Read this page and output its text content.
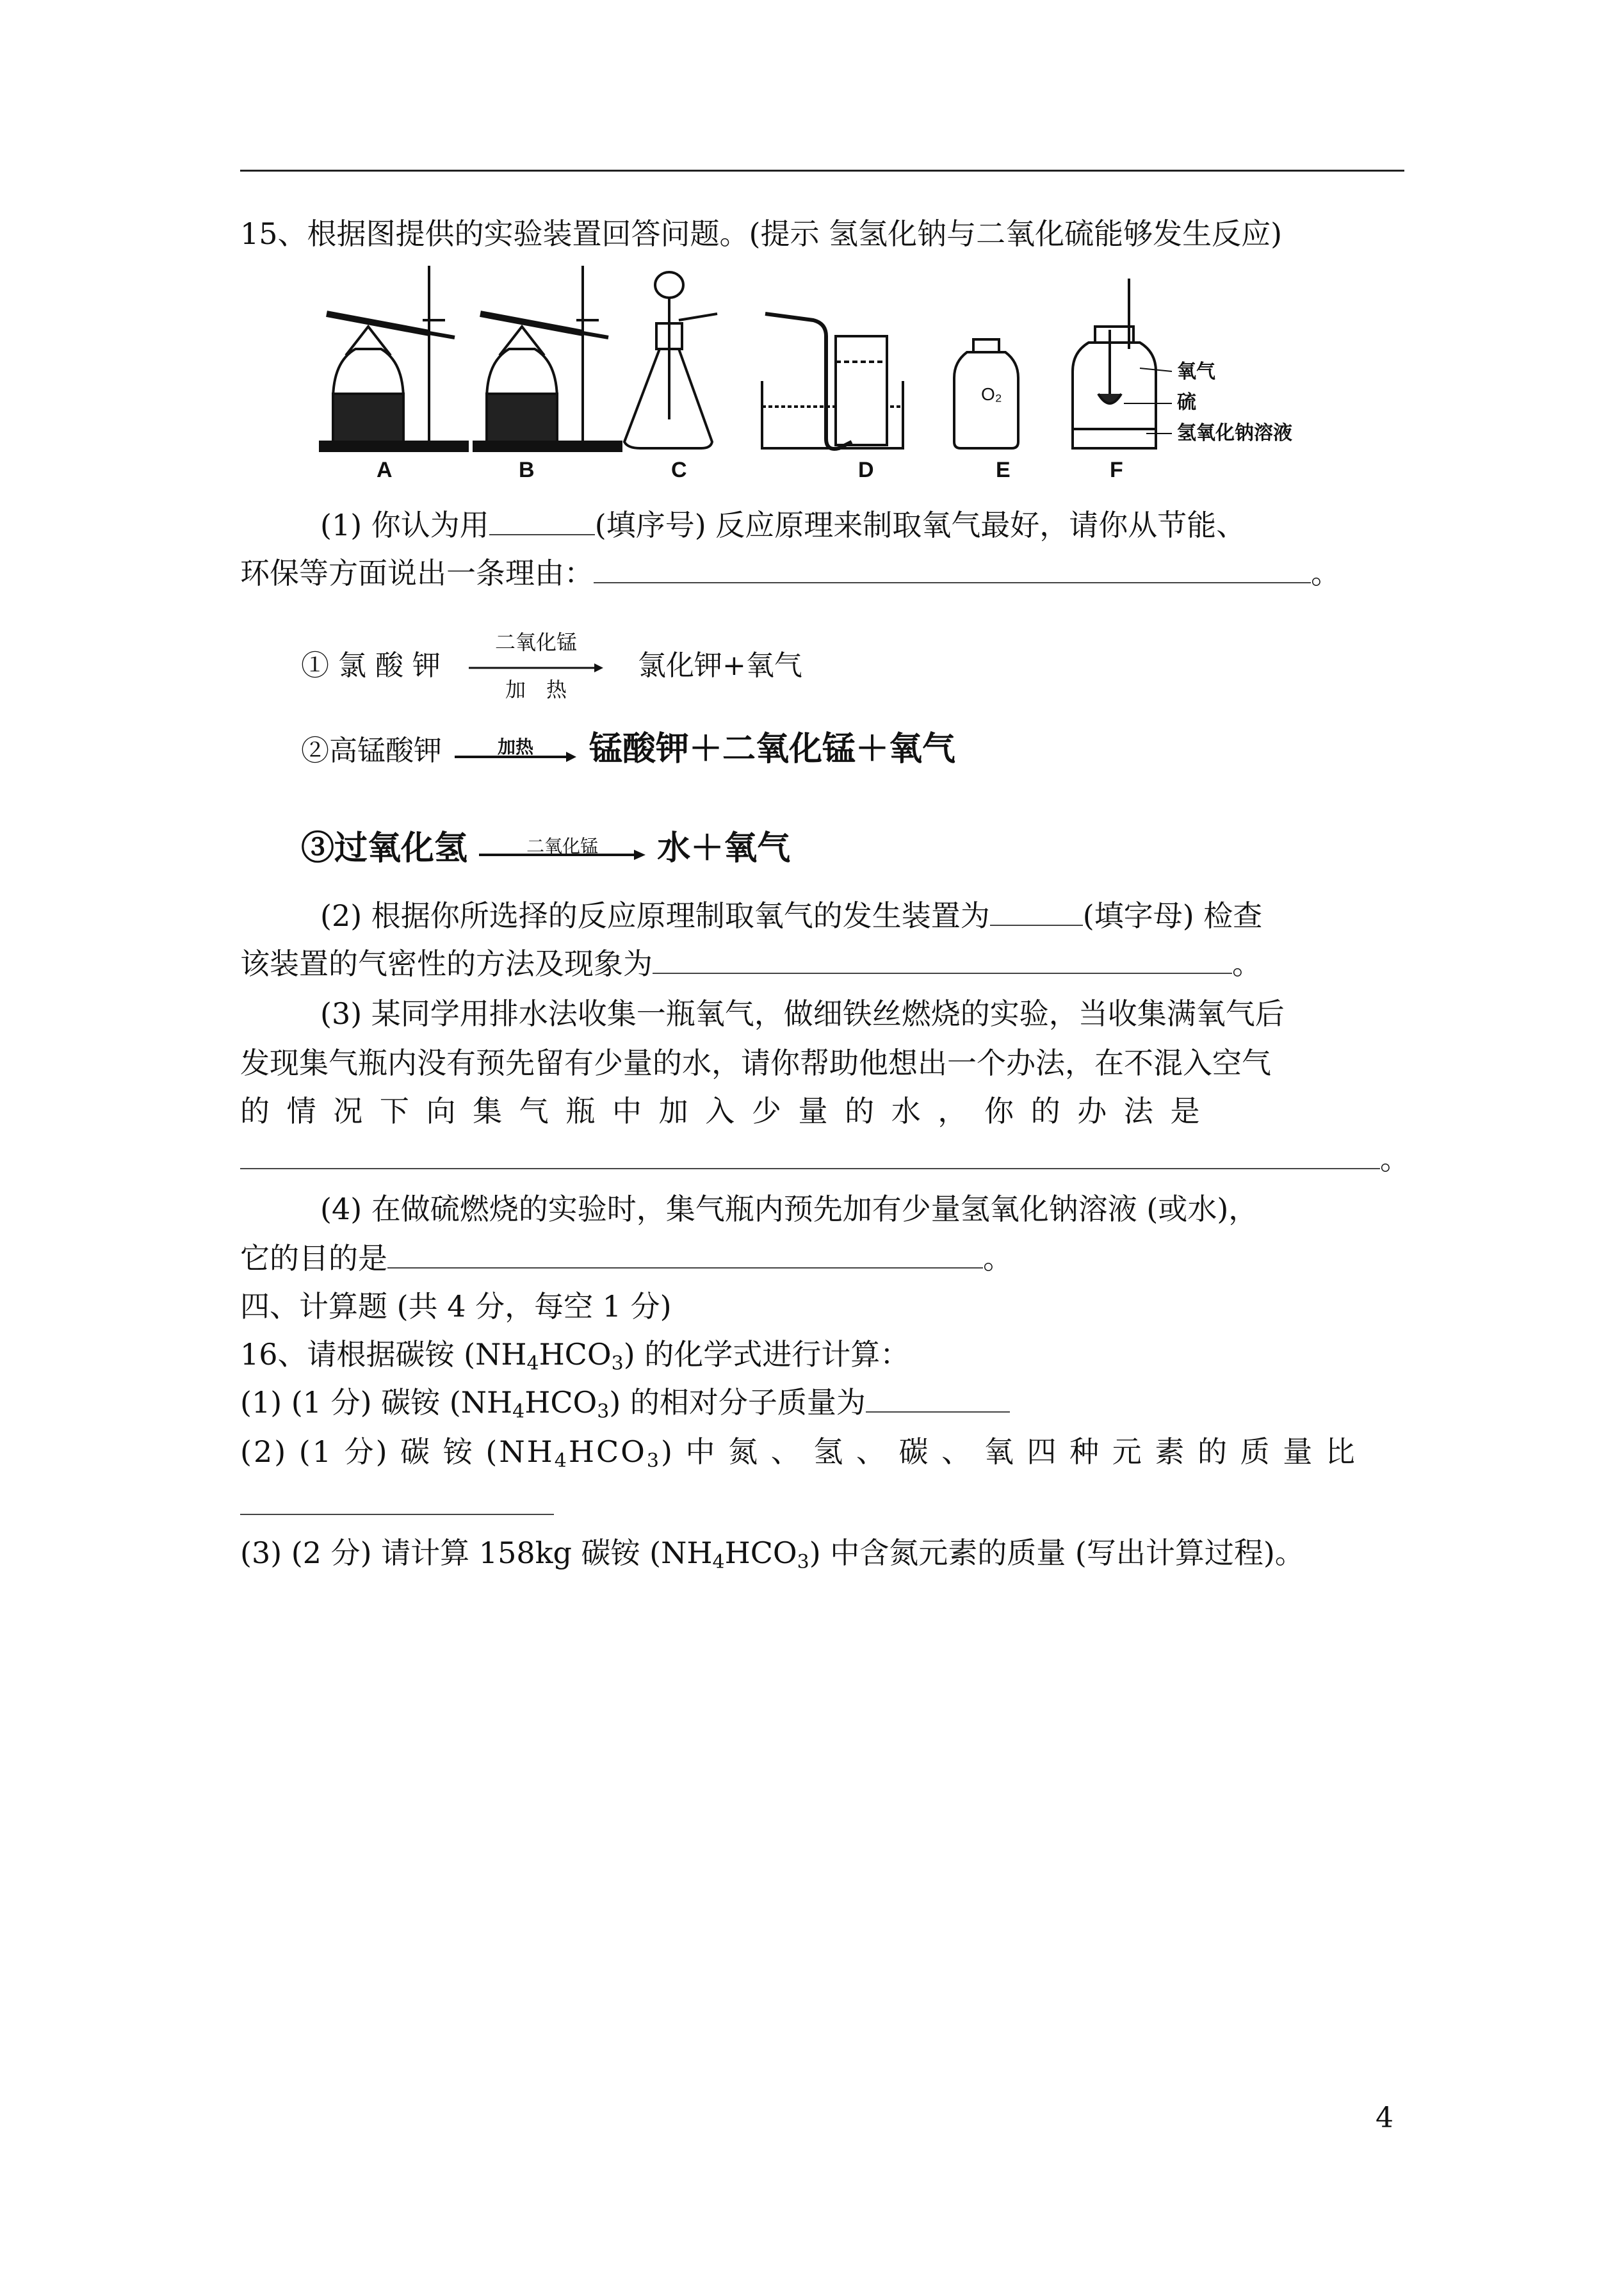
15、根据图提供的实验装置回答问题。(提示 氢氢化钠与二氧化硫能够发生反应)
O₂
氧气
硫
氢氧化钠溶液
A	B	C	D	E	F
(1) 你认为用	(填序号) 反应原理来制取氧气最好，请你从节能、
环保等方面说出一条理由：	。
① 氯 酸 钾
二氧化锰
加　热
氯化钾+氧气
②高锰酸钾	加热	锰酸钾＋二氧化锰＋氧气
③过氧化氢	二氧化锰	水＋氧气
(2) 根据你所选择的反应原理制取氧气的发生装置为	(填字母) 检查
该装置的气密性的方法及现象为	。
(3) 某同学用排水法收集一瓶氧气，做细铁丝燃烧的实验，当收集满氧气后
发现集气瓶内没有预先留有少量的水，请你帮助他想出一个办法，在不混入空气
的 情 况 下 向 集 气 瓶 中 加 入 少 量 的 水 ， 你 的 办 法 是
。
(4) 在做硫燃烧的实验时，集气瓶内预先加有少量氢氧化钠溶液 (或水)，
它的目的是	。
四、计算题 (共 4 分，每空 1 分)
16、请根据碳铵 $(NH_4HCO_3)$ 的化学式进行计算：
(1) (1 分) 碳铵 $(NH_4HCO_3)$ 的相对分子质量为
(2) (1 分) 碳 铵 $(NH_4HCO_3)$ 中 氮 、 氢 、 碳 、 氧 四 种 元 素 的 质 量 比
(3) (2 分) 请计算 158kg 碳铵 $(NH_4HCO_3)$ 中含氮元素的质量 (写出计算过程)。
4
